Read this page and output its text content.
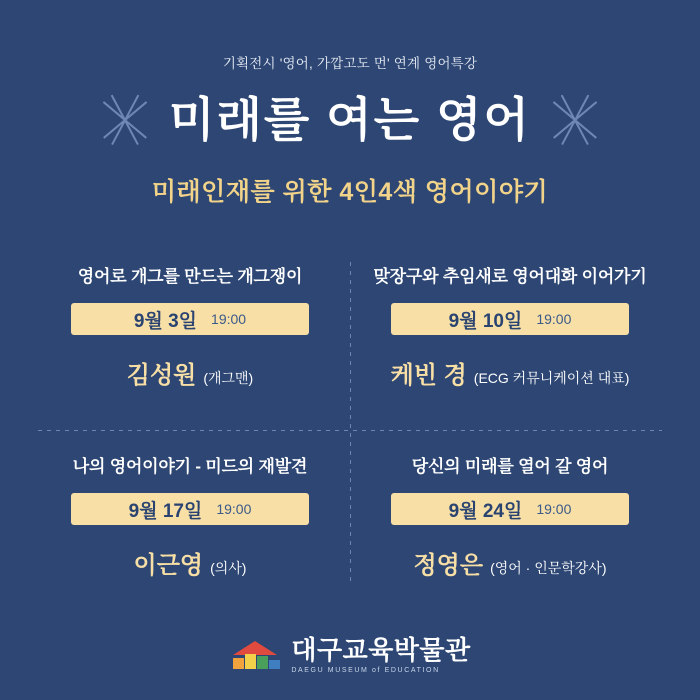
기획전시 '영어, 가깝고도 먼' 연계 영어특강
미래를 여는 영어
미래인재를 위한 4인4색 영어이야기
영어로 개그를 만드는 개그쟁이
9월 3일 19:00
김성원 (개그맨)
맞장구와 추임새로 영어대화 이어가기
9월 10일 19:00
케빈 경 (ECG 커뮤니케이션 대표)
나의 영어이야기 - 미드의 재발견
9월 17일 19:00
이근영 (의사)
당신의 미래를 열어 갈 영어
9월 24일 19:00
정영은 (영어 · 인문학강사)
대구교육박물관
DAEGU MUSEUM of EDUCATION
